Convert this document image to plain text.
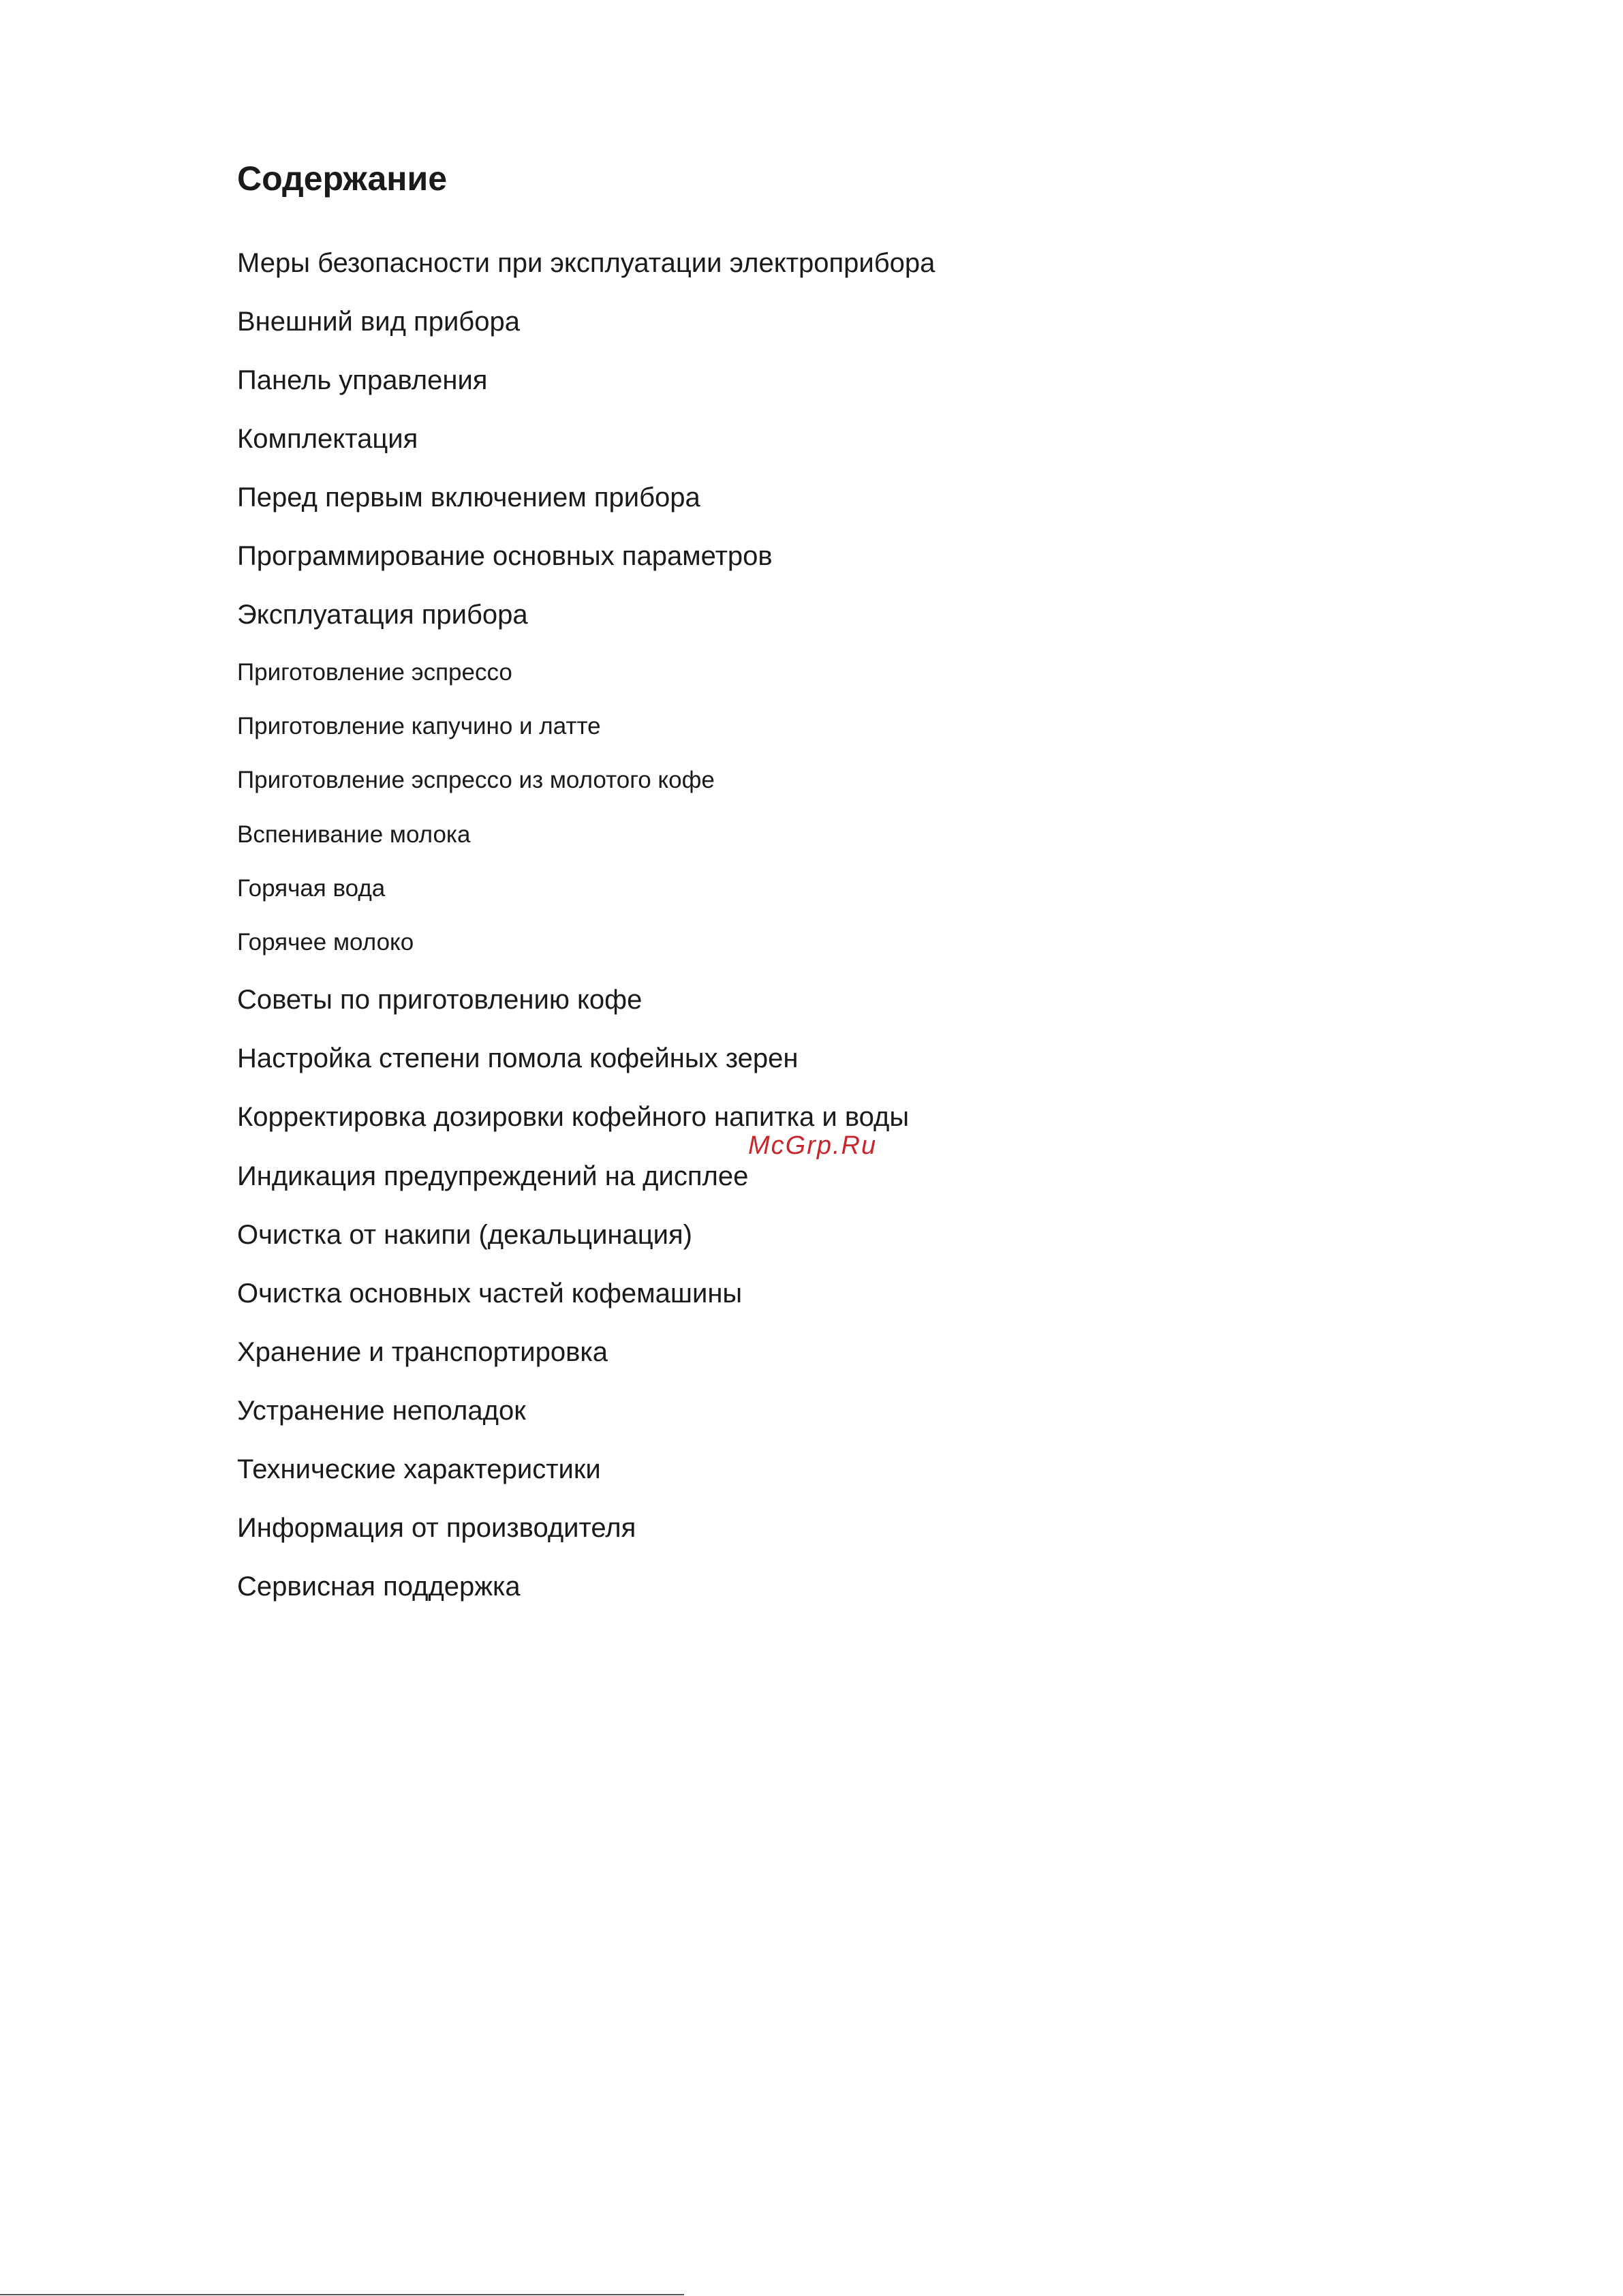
Содержание
Меры безопасности при эксплуатации электроприбора
Внешний вид прибора
Панель управления
Комплектация
Перед первым включением прибора
Программирование основных параметров
Эксплуатация прибора
Приготовление эспрессо
Приготовление капучино и латте
Приготовление эспрессо из молотого кофе
Вспенивание молока
Горячая вода
Горячее молоко
Советы по приготовлению кофе
Настройка степени помола кофейных зерен
Корректировка дозировки кофейного напитка и воды
Индикация предупреждений на дисплее
Очистка от накипи (декальцинация)
Очистка основных частей кофемашины
Хранение и транспортировка
Устранение неполадок
Технические характеристики
Информация от производителя
Сервисная поддержка
McGrp.Ru
